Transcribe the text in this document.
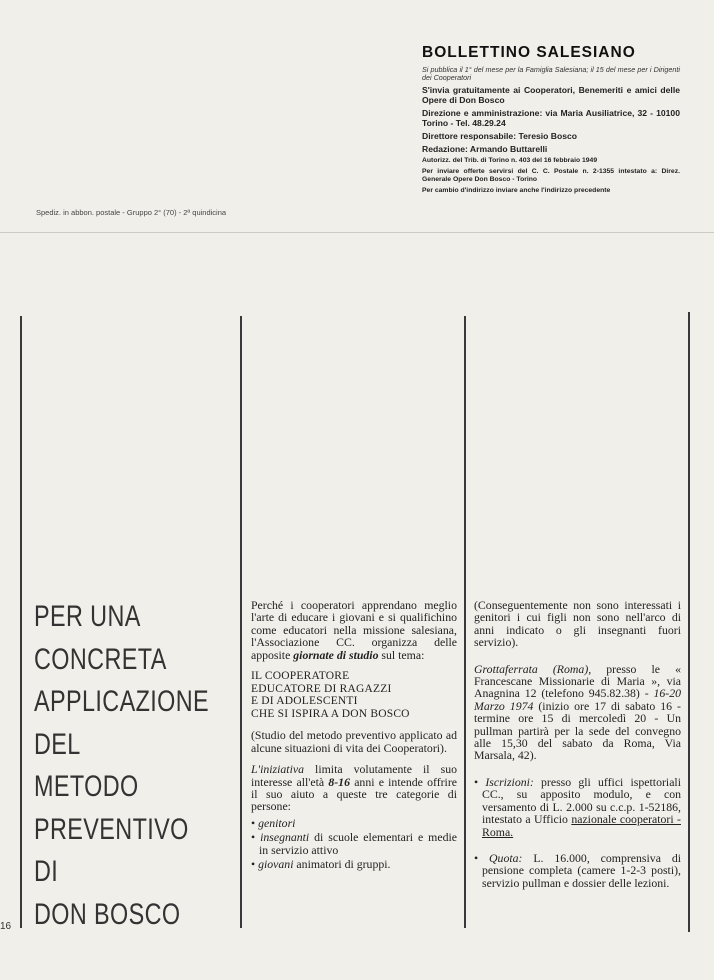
BOLLETTINO SALESIANO

Si pubblica il 1° del mese per la Famiglia Salesiana; il 15 del mese per i Dirigenti dei Cooperatori

S'invia gratuitamente ai Cooperatori, Benemeriti e amici delle Opere di Don Bosco

Direzione e amministrazione: via Maria Ausiliatrice, 32 - 10100 Torino - Tel. 48.29.24

Direttore responsabile: Teresio Bosco

Redazione: Armando Buttarelli

Autorizz. del Trib. di Torino n. 403 del 16 febbraio 1949

Per inviare offerte servirsi del C. C. Postale n. 2-1355 intestato a: Direz. Generale Opere Don Bosco - Torino

Per cambio d'indirizzo inviare anche l'indirizzo precedente

Spediz. in abbon. postale - Gruppo 2° (70) - 2ª quindicina
PER UNA
CONCRETA
APPLICAZIONE
DEL
METODO
PREVENTIVO
DI
DON BOSCO
16

Perché i cooperatori apprendano meglio l'arte di educare i giovani e si qualifichino come educatori nella missione salesiana, l'Associazione CC. organizza delle apposite giornate di studio sul tema:

IL COOPERATORE
EDUCATORE DI RAGAZZI
E DI ADOLESCENTI
CHE SI ISPIRA A DON BOSCO

(Studio del metodo preventivo applicato ad alcune situazioni di vita dei Cooperatori).

L'iniziativa limita volutamente il suo interesse all'età 8-16 anni e intende offrire il suo aiuto a queste tre categorie di persone:

• genitori

• insegnanti di scuole elementari e medie in servizio attivo

• giovani animatori di gruppi.

(Conseguentemente non sono interessati i genitori i cui figli non sono nell'arco di anni indicato o gli insegnanti fuori servizio).

Grottaferrata (Roma), presso le « Francescane Missionarie di Maria », via Anagnina 12 (telefono 945.82.38) - 16-20 Marzo 1974 (inizio ore 17 di sabato 16 - termine ore 15 di mercoledì 20 - Un pullman partirà per la sede del convegno alle 15,30 del sabato da Roma, Via Marsala, 42).

• Iscrizioni: presso gli uffici ispettoriali CC., su apposito modulo, e con versamento di L. 2.000 su c.c.p. 1-52186, intestato a Ufficio nazionale cooperatori - Roma.

• Quota: L. 16.000, comprensiva di pensione completa (camere 1-2-3 posti), servizio pullman e dossier delle lezioni.
